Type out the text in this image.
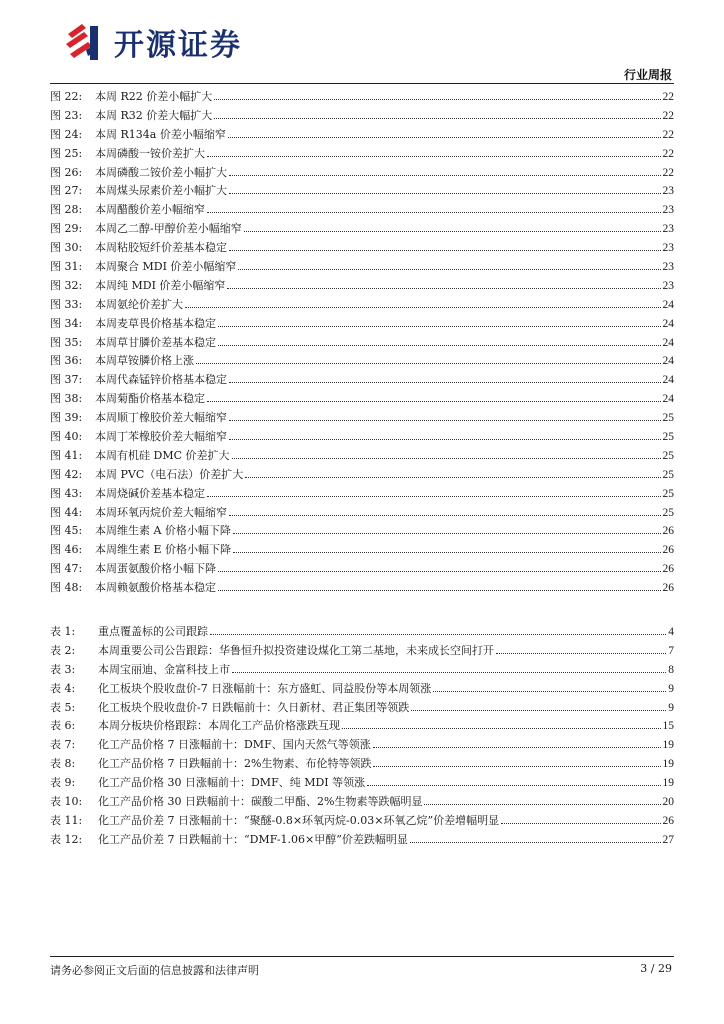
开源证券
行业周报
图 22:	本周 R22 价差小幅扩大	22
图 23:	本周 R32 价差大幅扩大	22
图 24:	本周 R134a 价差小幅缩窄	22
图 25:	本周磷酸一铵价差扩大	22
图 26:	本周磷酸二铵价差小幅扩大	22
图 27:	本周煤头尿素价差小幅扩大	23
图 28:	本周醋酸价差小幅缩窄	23
图 29:	本周乙二醇-甲醇价差小幅缩窄	23
图 30:	本周粘胶短纤价差基本稳定	23
图 31:	本周聚合 MDI 价差小幅缩窄	23
图 32:	本周纯 MDI 价差小幅缩窄	23
图 33:	本周氨纶价差扩大	24
图 34:	本周麦草畏价格基本稳定	24
图 35:	本周草甘膦价差基本稳定	24
图 36:	本周草铵膦价格上涨	24
图 37:	本周代森锰锌价格基本稳定	24
图 38:	本周菊酯价格基本稳定	24
图 39:	本周顺丁橡胶价差大幅缩窄	25
图 40:	本周丁苯橡胶价差大幅缩窄	25
图 41:	本周有机硅 DMC 价差扩大	25
图 42:	本周 PVC（电石法）价差扩大	25
图 43:	本周烧碱价差基本稳定	25
图 44:	本周环氧丙烷价差大幅缩窄	25
图 45:	本周维生素 A 价格小幅下降	26
图 46:	本周维生素 E 价格小幅下降	26
图 47:	本周蛋氨酸价格小幅下降	26
图 48:	本周赖氨酸价格基本稳定	26
表 1:	重点覆盖标的公司跟踪	4
表 2:	本周重要公司公告跟踪：华鲁恒升拟投资建设煤化工第二基地，未来成长空间打开	7
表 3:	本周宝丽迪、金富科技上市	8
表 4:	化工板块个股收盘价-7 日涨幅前十：东方盛虹、同益股份等本周领涨	9
表 5:	化工板块个股收盘价-7 日跌幅前十：久日新材、君正集团等领跌	9
表 6:	本周分板块价格跟踪：本周化工产品价格涨跌互现	15
表 7:	化工产品价格 7 日涨幅前十：DMF、国内天然气等领涨	19
表 8:	化工产品价格 7 日跌幅前十：2%生物素、布伦特等领跌	19
表 9:	化工产品价格 30 日涨幅前十：DMF、纯 MDI 等领涨	19
表 10:	化工产品价格 30 日跌幅前十：碳酸二甲酯、2%生物素等跌幅明显	20
表 11:	化工产品价差 7 日涨幅前十：“聚醚-0.8×环氧丙烷-0.03×环氧乙烷”价差增幅明显	26
表 12:	化工产品价差 7 日跌幅前十：“DMF-1.06×甲醇”价差跌幅明显	27
请务必参阅正文后面的信息披露和法律声明	3 / 29
